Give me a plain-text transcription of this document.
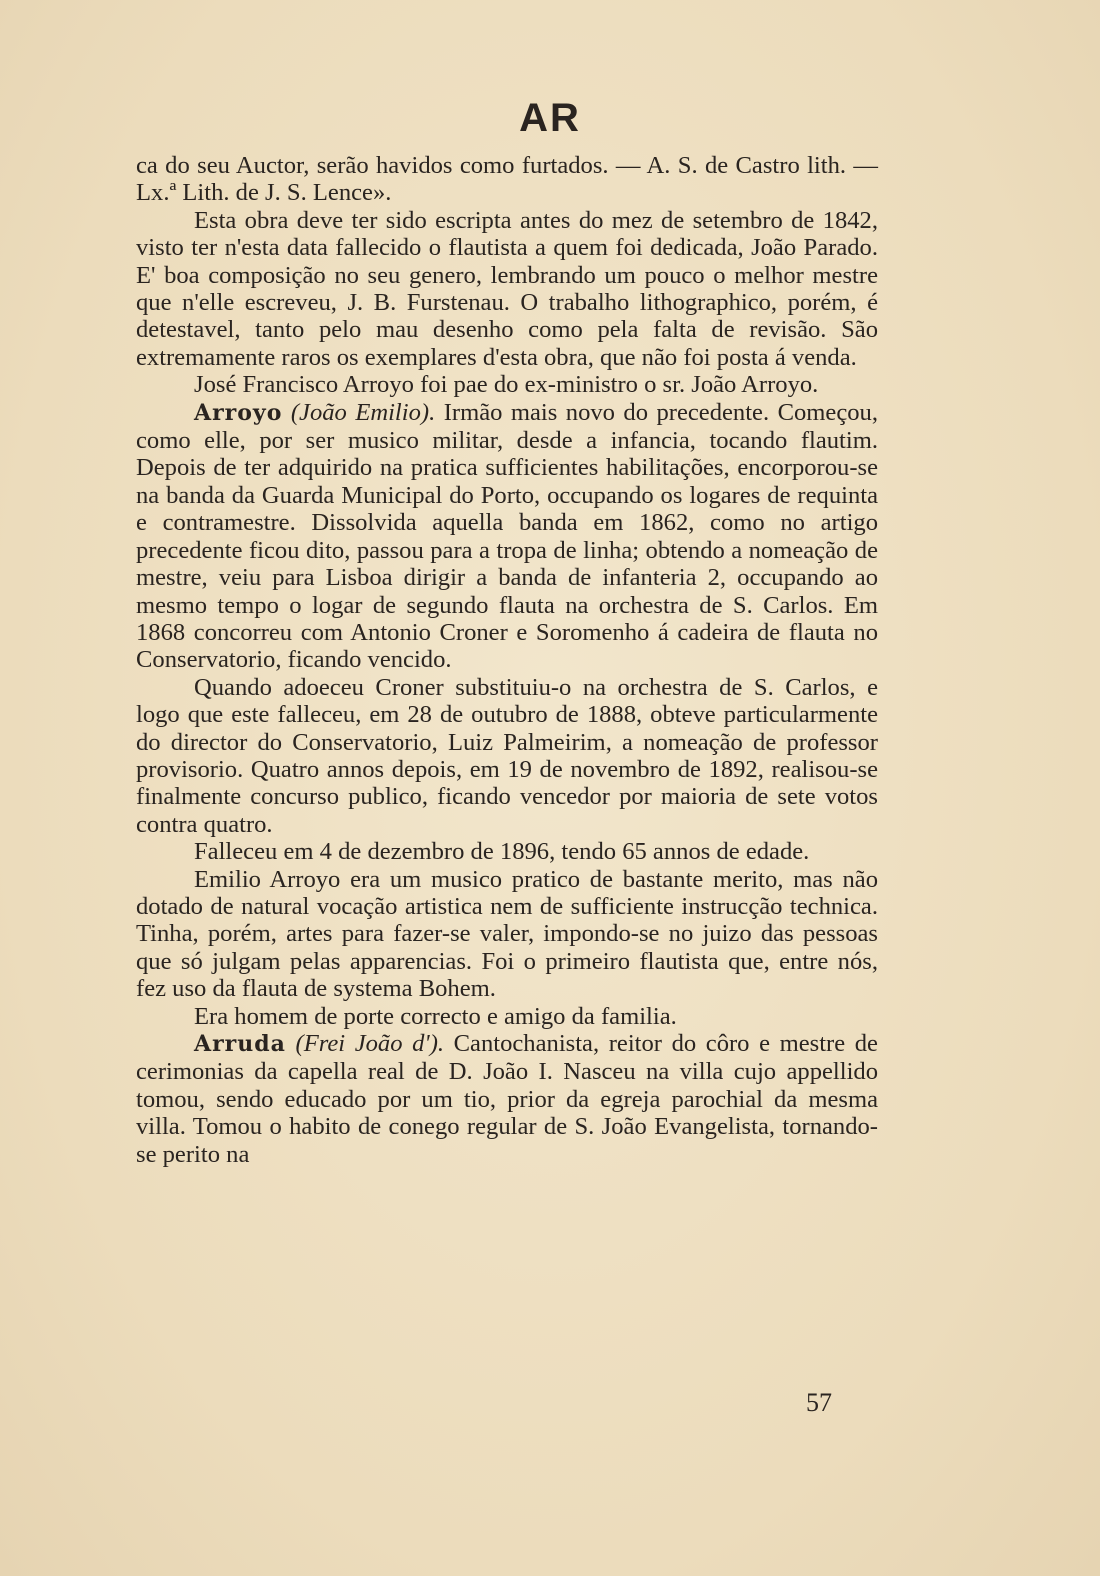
AR

ca do seu Auctor, serão havidos como furtados. — A. S. de Castro lith. — Lx.ª Lith. de J. S. Lence».

Esta obra deve ter sido escripta antes do mez de setembro de 1842, visto ter n'esta data fallecido o flautista a quem foi dedicada, João Parado. E' boa composição no seu genero, lembrando um pouco o melhor mestre que n'elle escreveu, J. B. Furstenau. O trabalho lithographico, porém, é detestavel, tanto pelo mau desenho como pela falta de revisão. São extremamente raros os exemplares d'esta obra, que não foi posta á venda.

José Francisco Arroyo foi pae do ex-ministro o sr. João Arroyo.

Arroyo (João Emilio). Irmão mais novo do precedente. Começou, como elle, por ser musico militar, desde a infancia, tocando flautim. Depois de ter adquirido na pratica sufficientes habilitações, encorporou-se na banda da Guarda Municipal do Porto, occupando os logares de requinta e contramestre. Dissolvida aquella banda em 1862, como no artigo precedente ficou dito, passou para a tropa de linha; obtendo a nomeação de mestre, veiu para Lisboa dirigir a banda de infanteria 2, occupando ao mesmo tempo o logar de segundo flauta na orchestra de S. Carlos. Em 1868 concorreu com Antonio Croner e Soromenho á cadeira de flauta no Conservatorio, ficando vencido.

Quando adoeceu Croner substituiu-o na orchestra de S. Carlos, e logo que este falleceu, em 28 de outubro de 1888, obteve particularmente do director do Conservatorio, Luiz Palmeirim, a nomeação de professor provisorio. Quatro annos depois, em 19 de novembro de 1892, realisou-se finalmente concurso publico, ficando vencedor por maioria de sete votos contra quatro.

Falleceu em 4 de dezembro de 1896, tendo 65 annos de edade.

Emilio Arroyo era um musico pratico de bastante merito, mas não dotado de natural vocação artistica nem de sufficiente instrucção technica. Tinha, porém, artes para fazer-se valer, impondo-se no juizo das pessoas que só julgam pelas apparencias. Foi o primeiro flautista que, entre nós, fez uso da flauta de systema Bohem.

Era homem de porte correcto e amigo da familia.

Arruda (Frei João d'). Cantochanista, reitor do côro e mestre de cerimonias da capella real de D. João I. Nasceu na villa cujo appellido tomou, sendo educado por um tio, prior da egreja parochial da mesma villa. Tomou o habito de conego regular de S. João Evangelista, tornando-se perito na

57
